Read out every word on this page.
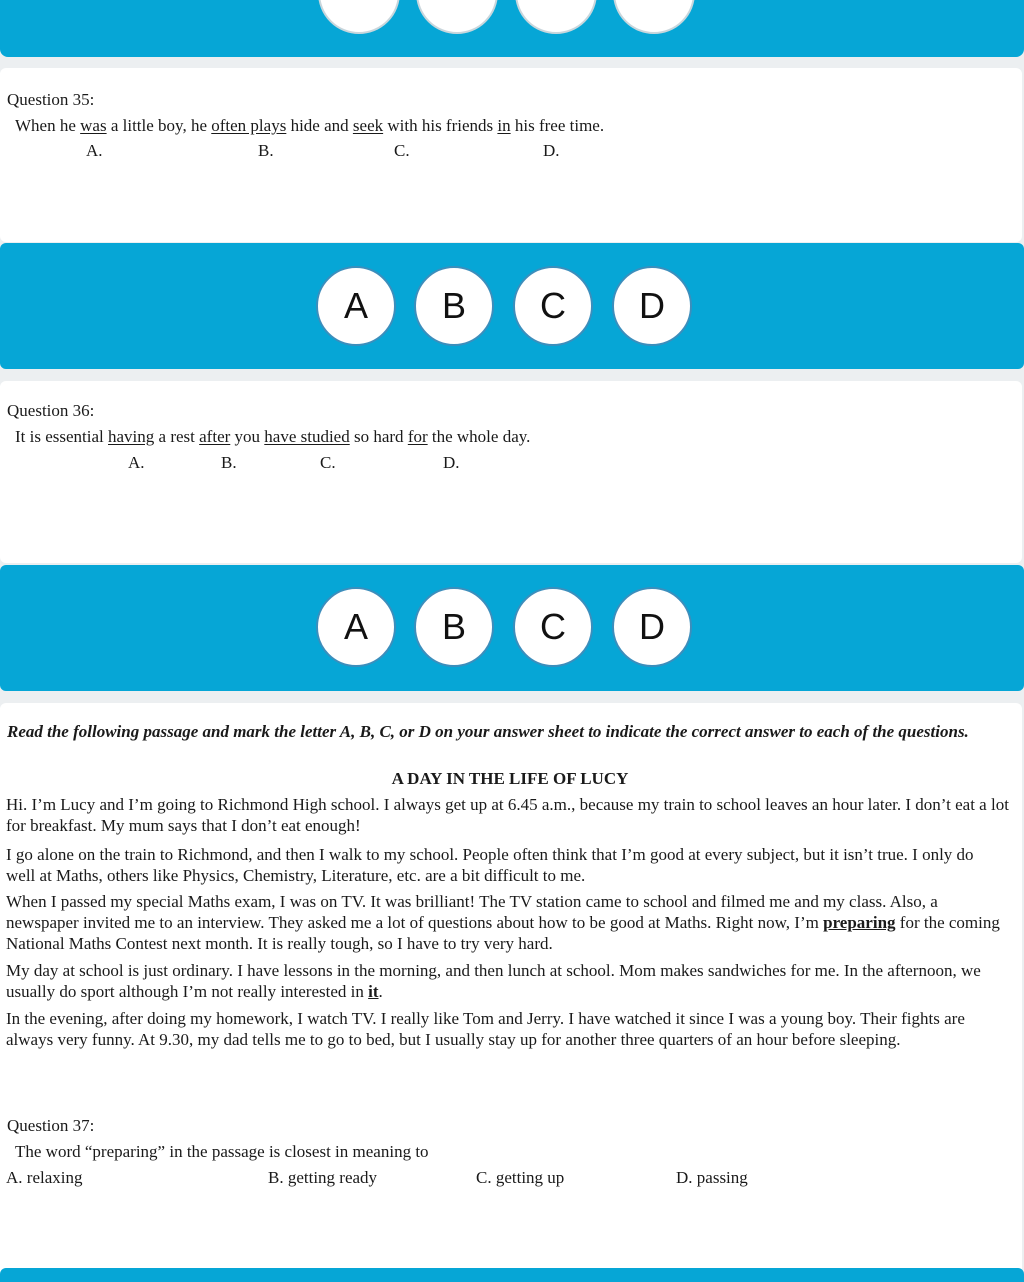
Question 35:
When he was a little boy, he often plays hide and seek with his friends in his free time.
A.	B.	C.	D.
A	B	C	D
Question 36:
It is essential having a rest after you have studied so hard for the whole day.
A.	B.	C.	D.
A	B	C	D
Read the following passage and mark the letter A, B, C, or D on your answer sheet to indicate the correct answer to each of the questions.
A DAY IN THE LIFE OF LUCY
Hi. I’m Lucy and I’m going to Richmond High school. I always get up at 6.45 a.m., because my train to school leaves an hour later. I don’t eat a lot for breakfast. My mum says that I don’t eat enough!
I go alone on the train to Richmond, and then I walk to my school. People often think that I’m good at every subject, but it isn’t true. I only do well at Maths, others like Physics, Chemistry, Literature, etc. are a bit difficult to me.
When I passed my special Maths exam, I was on TV. It was brilliant! The TV station came to school and filmed me and my class. Also, a newspaper invited me to an interview. They asked me a lot of questions about how to be good at Maths. Right now, I’m preparing for the coming National Maths Contest next month. It is really tough, so I have to try very hard.
My day at school is just ordinary. I have lessons in the morning, and then lunch at school. Mom makes sandwiches for me. In the afternoon, we usually do sport although I’m not really interested in it.
In the evening, after doing my homework, I watch TV. I really like Tom and Jerry. I have watched it since I was a young boy. Their fights are always very funny. At 9.30, my dad tells me to go to bed, but I usually stay up for another three quarters of an hour before sleeping.
Question 37:
The word “preparing” in the passage is closest in meaning to
A. relaxing	B. getting ready	C. getting up	D. passing
